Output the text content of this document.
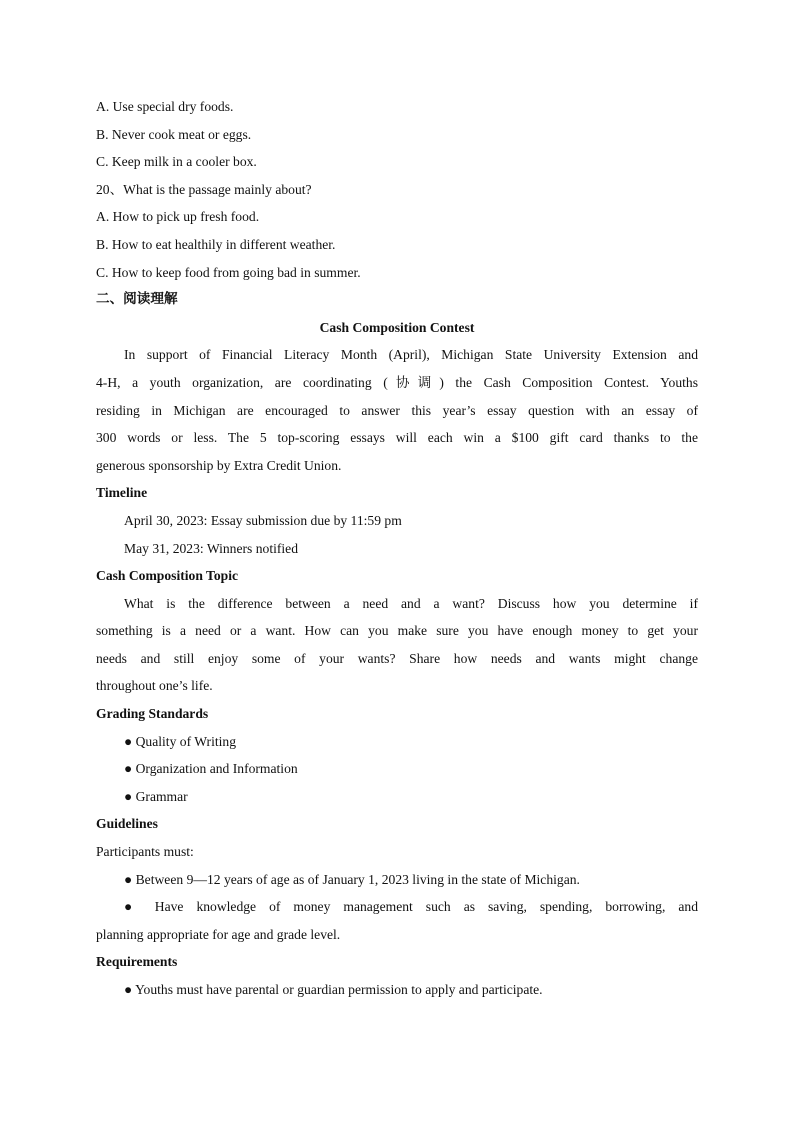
A. Use special dry foods.
B. Never cook meat or eggs.
C. Keep milk in a cooler box.
20、What is the passage mainly about?
A. How to pick up fresh food.
B. How to eat healthily in different weather.
C. How to keep food from going bad in summer.
二、阅读理解
Cash Composition Contest
In support of Financial Literacy Month (April), Michigan State University Extension and
4-H, a youth organization, are coordinating (协调) the Cash Composition Contest. Youths
residing in Michigan are encouraged to answer this year’s essay question with an essay of
300 words or less. The 5 top-scoring essays will each win a $100 gift card thanks to the
generous sponsorship by Extra Credit Union.
Timeline
April 30, 2023: Essay submission due by 11:59 pm
May 31, 2023: Winners notified
Cash Composition Topic
What is the difference between a need and a want? Discuss how you determine if
something is a need or a want. How can you make sure you have enough money to get your
needs and still enjoy some of your wants? Share how needs and wants might change
throughout one’s life.
Grading Standards
● Quality of Writing
● Organization and Information
● Grammar
Guidelines
Participants must:
● Between 9—12 years of age as of January 1, 2023 living in the state of Michigan.
● Have knowledge of money management such as saving, spending, borrowing, and
planning appropriate for age and grade level.
Requirements
● Youths must have parental or guardian permission to apply and participate.
